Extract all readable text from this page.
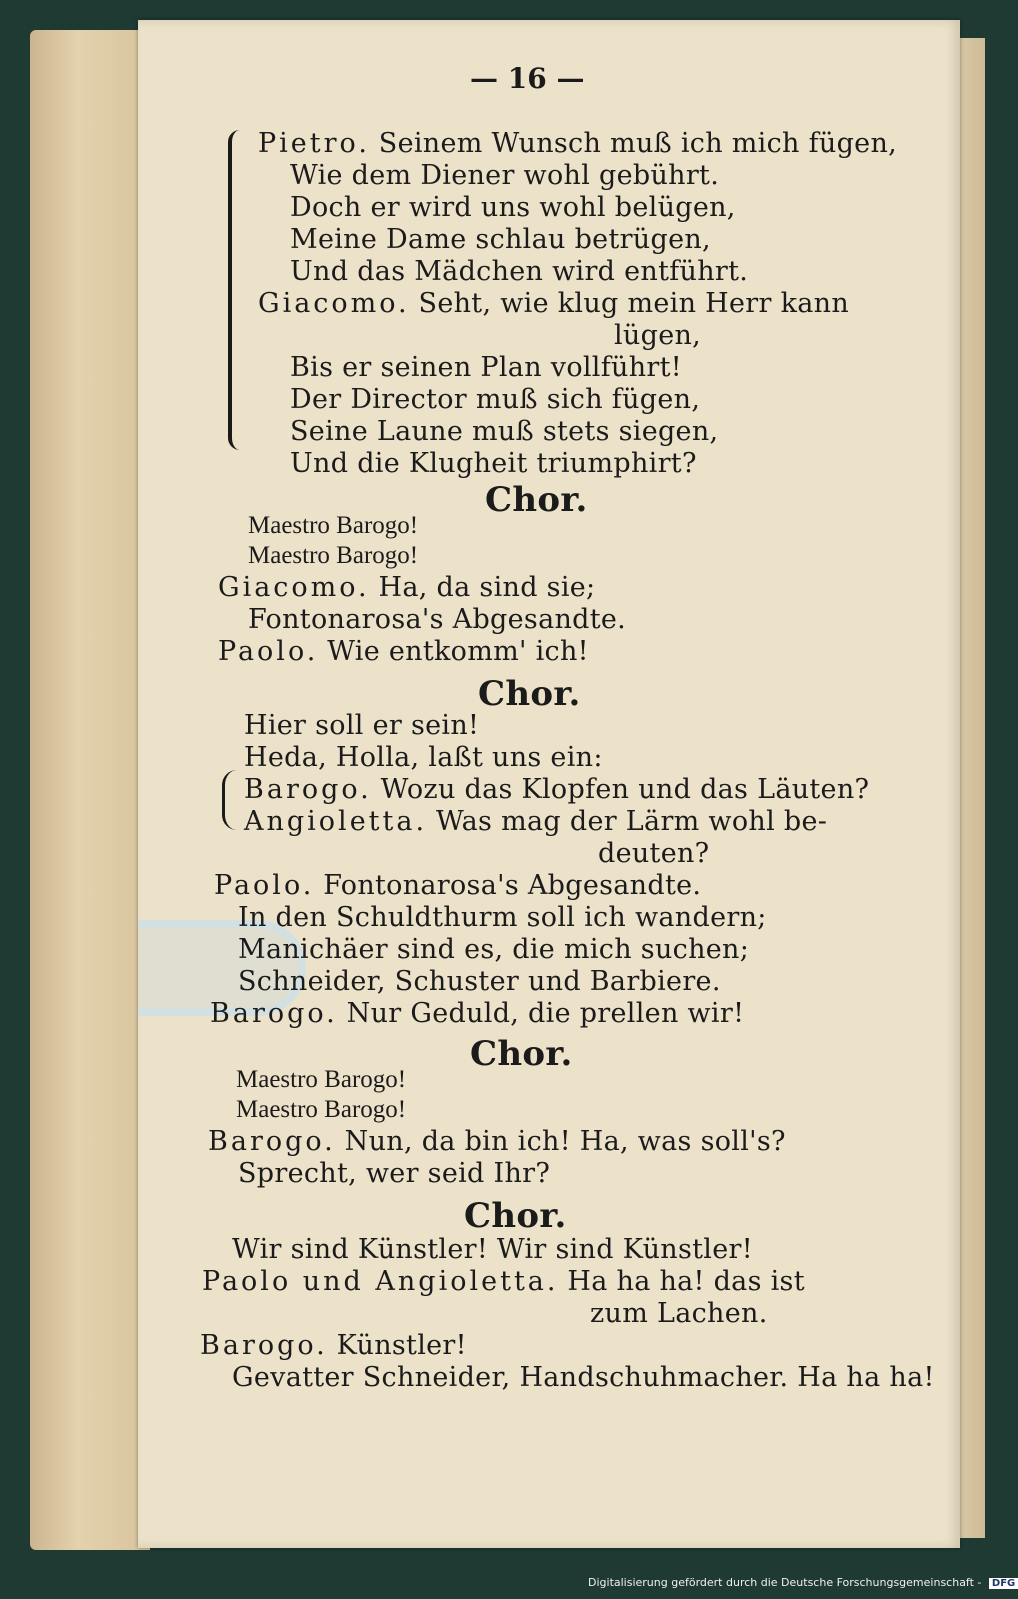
— 16 —
Pietro. Seinem Wunsch muß ich mich fügen,
Wie dem Diener wohl gebührt.
Doch er wird uns wohl belügen,
Meine Dame schlau betrügen,
Und das Mädchen wird entführt.
Giacomo. Seht, wie klug mein Herr kann
lügen,
Bis er seinen Plan vollführt!
Der Director muß sich fügen,
Seine Laune muß stets siegen,
Und die Klugheit triumphirt?
Chor.
Maestro Barogo!
Maestro Barogo!
Giacomo. Ha, da sind sie;
Fontonarosa's Abgesandte.
Paolo. Wie entkomm' ich!
Chor.
Hier soll er sein!
Heda, Holla, laßt uns ein:
Barogo. Wozu das Klopfen und das Läuten?
Angioletta. Was mag der Lärm wohl be-
deuten?
Paolo. Fontonarosa's Abgesandte.
In den Schuldthurm soll ich wandern;
Manichäer sind es, die mich suchen;
Schneider, Schuster und Barbiere.
Barogo. Nur Geduld, die prellen wir!
Chor.
Maestro Barogo!
Maestro Barogo!
Barogo. Nun, da bin ich! Ha, was soll's?
Sprecht, wer seid Ihr?
Chor.
Wir sind Künstler! Wir sind Künstler!
Paolo und Angioletta. Ha ha ha! das ist
zum Lachen.
Barogo. Künstler!
Gevatter Schneider, Handschuhmacher. Ha ha ha!
Digitalisierung gefördert durch die Deutsche Forschungsgemeinschaft - DFG
